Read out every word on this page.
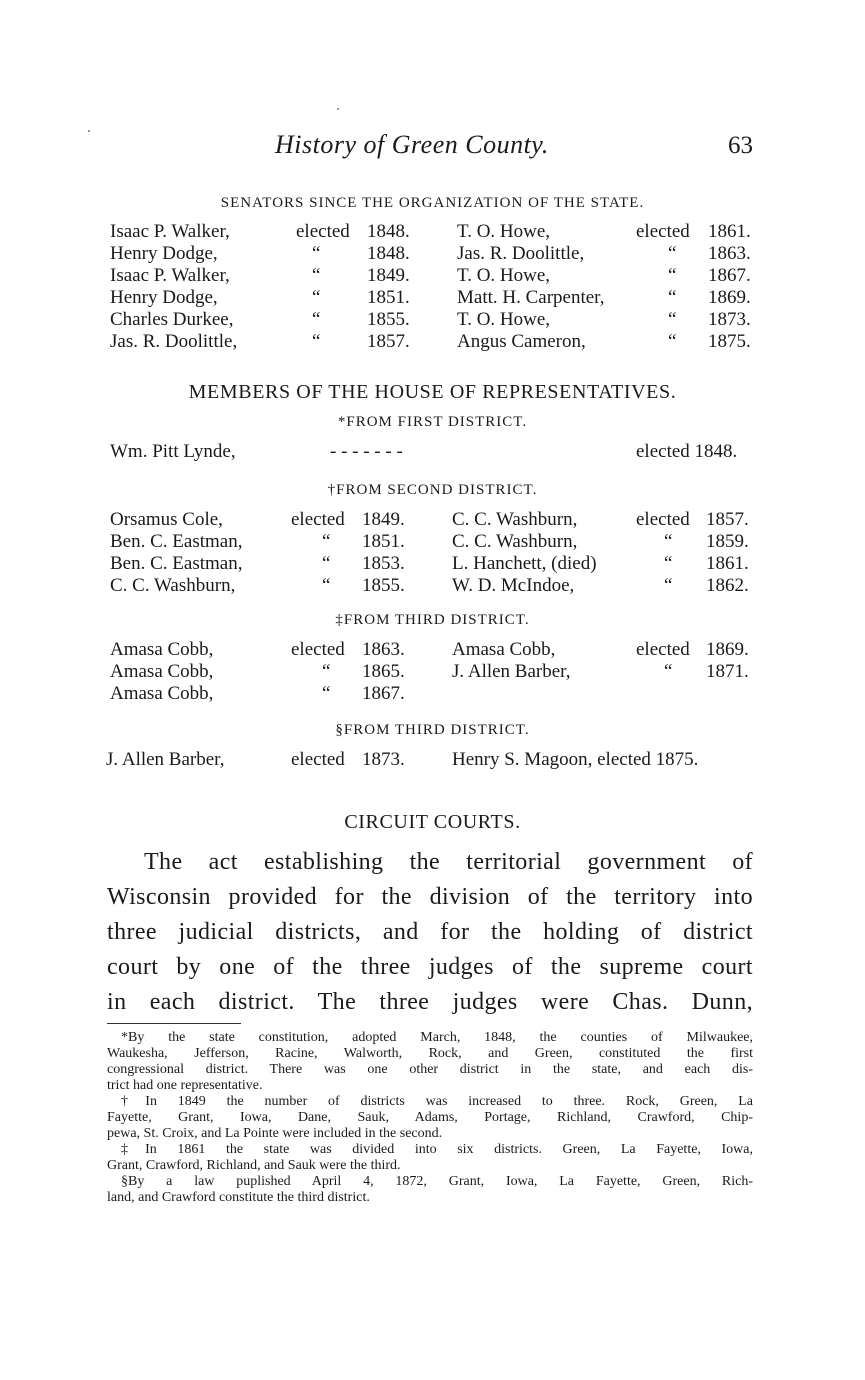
History of Green County.	63
SENATORS SINCE THE ORGANIZATION OF THE STATE.
Isaac P. Walker,	elected 1848. T. O. Howe,	elected 1861.
Henry Dodge,	“ 1848. Jas. R. Doolittle,	“ 1863.
Isaac P. Walker,	“ 1849. T. O. Howe,	“ 1867.
Henry Dodge,	“ 1851. Matt. H. Carpenter,	“ 1869.
Charles Durkee,	“ 1855. T. O. Howe,	“ 1873.
Jas. R. Doolittle,	“ 1857. Angus Cameron,	“ 1875.
MEMBERS OF THE HOUSE OF REPRESENTATIVES.
*FROM FIRST DISTRICT.
Wm. Pitt Lynde,	- - - - - - -	elected 1848.
†FROM SECOND DISTRICT.
Orsamus Cole,	elected 1849. C. C. Washburn,	elected 1857.
Ben. C. Eastman,	“ 1851. C. C. Washburn,	“ 1859.
Ben. C. Eastman,	“ 1853. L. Hanchett, (died)	“ 1861.
C. C. Washburn,	“ 1855. W. D. McIndoe,	“ 1862.
‡FROM THIRD DISTRICT.
Amasa Cobb,	elected 1863. Amasa Cobb,	elected 1869.
Amasa Cobb,	“ 1865. J. Allen Barber,	“ 1871.
Amasa Cobb,	“ 1867.
§FROM THIRD DISTRICT.
J. Allen Barber,	elected 1873. Henry S. Magoon, elected 1875.
CIRCUIT COURTS.
The act establishing the territorial government of
Wisconsin provided for the division of the territory into
three judicial districts, and for the holding of district
court by one of the three judges of the supreme court
in each district. The three judges were Chas. Dunn,
*By the state constitution, adopted March, 1848, the counties of Milwaukee,
Waukesha, Jefferson, Racine, Walworth, Rock, and Green, constituted the first
congressional district. There was one other district in the state, and each dis-
trict had one representative.
†In 1849 the number of districts was increased to three. Rock, Green, La
Fayette, Grant, Iowa, Dane, Sauk, Adams, Portage, Richland, Crawford, Chip-
pewa, St. Croix, and La Pointe were included in the second.
‡In 1861 the state was divided into six districts. Green, La Fayette, Iowa,
Grant, Crawford, Richland, and Sauk were the third.
§By a law puplished April 4, 1872, Grant, Iowa, La Fayette, Green, Rich-
land, and Crawford constitute the third district.
